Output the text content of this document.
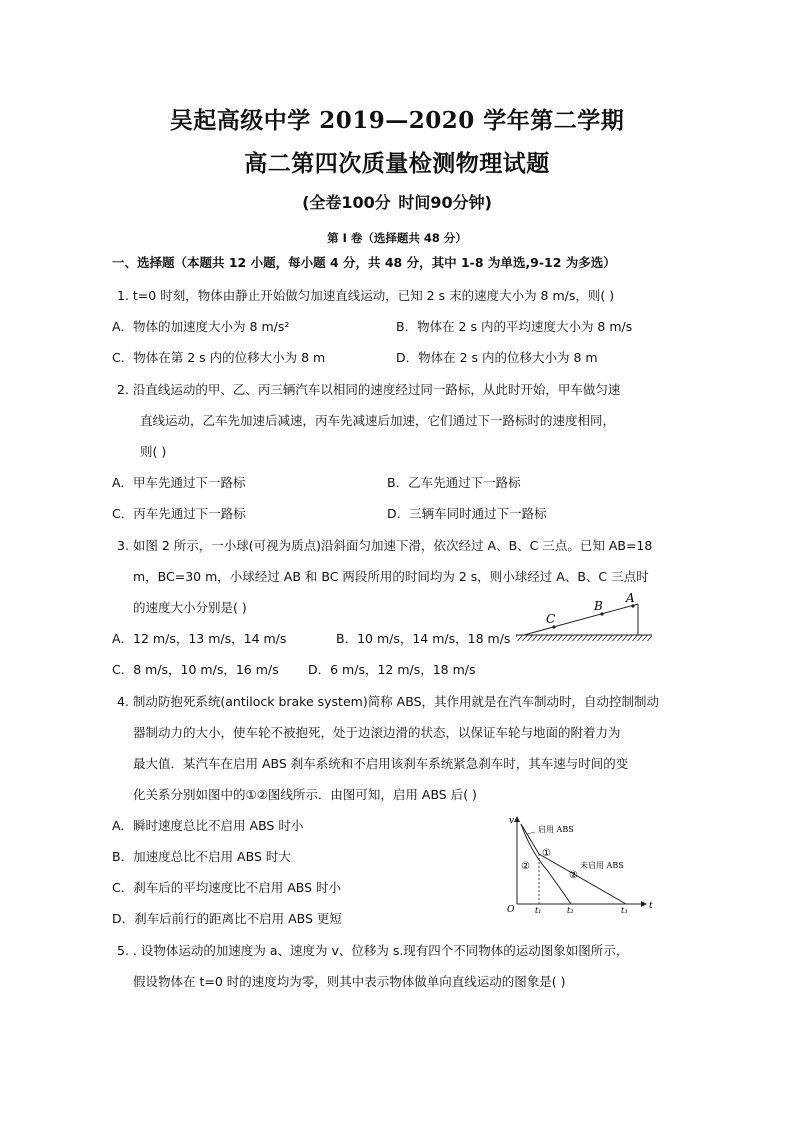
吴起高级中学 2019—2020 学年第二学期
高二第四次质量检测物理试题
(全卷100分 时间90分钟)
第 I 卷（选择题共 48 分）
一、选择题（本题共 12 小题，每小题 4 分，共 48 分，其中 1-8 为单选,9-12 为多选）
1. t=0 时刻，物体由静止开始做匀加速直线运动，已知 2 s 末的速度大小为 8 m/s，则( )
A．物体的加速度大小为 8 m/s²	B．物体在 2 s 内的平均速度大小为 8 m/s
C．物体在第 2 s 内的位移大小为 8 m	D．物体在 2 s 内的位移大小为 8 m
2. 沿直线运动的甲、乙、丙三辆汽车以相同的速度经过同一路标，从此时开始，甲车做匀速
直线运动，乙车先加速后减速，丙车先减速后加速，它们通过下一路标时的速度相同，
则( )
A．甲车先通过下一路标	B．乙车先通过下一路标
C．丙车先通过下一路标	D．三辆车同时通过下一路标
3. 如图 2 所示，一小球(可视为质点)沿斜面匀加速下滑，依次经过 A、B、C 三点。已知 AB=18
m，BC=30 m，小球经过 AB 和 BC 两段所用的时间均为 2 s，则小球经过 A、B、C 三点时
的速度大小分别是( )
A．12 m/s，13 m/s，14 m/s	B．10 m/s，14 m/s，18 m/s
C．8 m/s，10 m/s，16 m/s D．6 m/s，12 m/s，18 m/s
A
B
C
4. 制动防抱死系统(antilock brake system)简称 ABS，其作用就是在汽车制动时，自动控制制动
器制动力的大小，使车轮不被抱死，处于边滚边滑的状态，以保证车轮与地面的附着力为
最大值．某汽车在启用 ABS 刹车系统和不启用该刹车系统紧急刹车时，其车速与时间的变
化关系分别如图中的①②图线所示．由图可知，启用 ABS 后( )
A．瞬时速度总比不启用 ABS 时小
B．加速度总比不启用 ABS 时大
C．刹车后的平均速度比不启用 ABS 时小
D．刹车后前行的距离比不启用 ABS 更短
v
t
O	t₁	t₂	t₃
启用 ABS
未启用 ABS
①
②
②
5. . 设物体运动的加速度为 a、速度为 v、位移为 s.现有四个不同物体的运动图象如图所示，
假设物体在 t=0 时的速度均为零，则其中表示物体做单向直线运动的图象是( )
